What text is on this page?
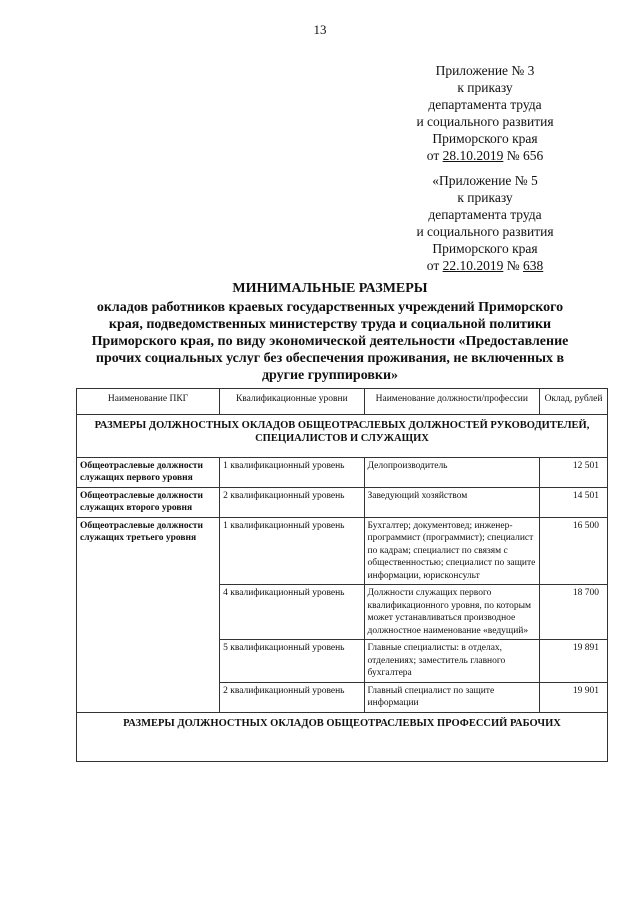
13
Приложение № 3
к приказу
департамента труда
и социального развития
Приморского края
от 28.10.2019 № 656
«Приложение № 5
к приказу
департамента труда
и социального развития
Приморского края
от 22.10.2019 № 638
МИНИМАЛЬНЫЕ РАЗМЕРЫ
окладов работников краевых государственных учреждений Приморского
края, подведомственных министерству труда и социальной политики
Приморского края, по виду экономической деятельности «Предоставление
прочих социальных услуг без обеспечения проживания, не включенных в
другие группировки»
Наименование ПКГ	Квалификационные уровни	Наименование должности/профессии	Оклад, рублей
РАЗМЕРЫ ДОЛЖНОСТНЫХ ОКЛАДОВ ОБЩЕОТРАСЛЕВЫХ ДОЛЖНОСТЕЙ РУКОВОДИТЕЛЕЙ, СПЕЦИАЛИСТОВ И СЛУЖАЩИХ			
Общеотраслевые должности служащих первого уровня	1 квалификационный уровень	Делопроизводитель	12 501
Общеотраслевые должности служащих второго уровня	2 квалификационный уровень	Заведующий хозяйством	14 501
Общеотраслевые должности служащих третьего уровня	1 квалификационный уровень	Бухгалтер; документовед; инженер-программист (программист); специалист по кадрам; специалист по связям с общественностью; специалист по защите информации, юрисконсульт	16 500
	4 квалификационный уровень	Должности служащих первого квалификационного уровня, по которым может устанавливаться производное должностное наименование «ведущий»	18 700
	5 квалификационный уровень	Главные специалисты: в отделах, отделениях; заместитель главного бухгалтера	19 891
	2 квалификационный уровень	Главный специалист по защите информации	19 901
РАЗМЕРЫ ДОЛЖНОСТНЫХ ОКЛАДОВ ОБЩЕОТРАСЛЕВЫХ ПРОФЕССИЙ РАБОЧИХ			
